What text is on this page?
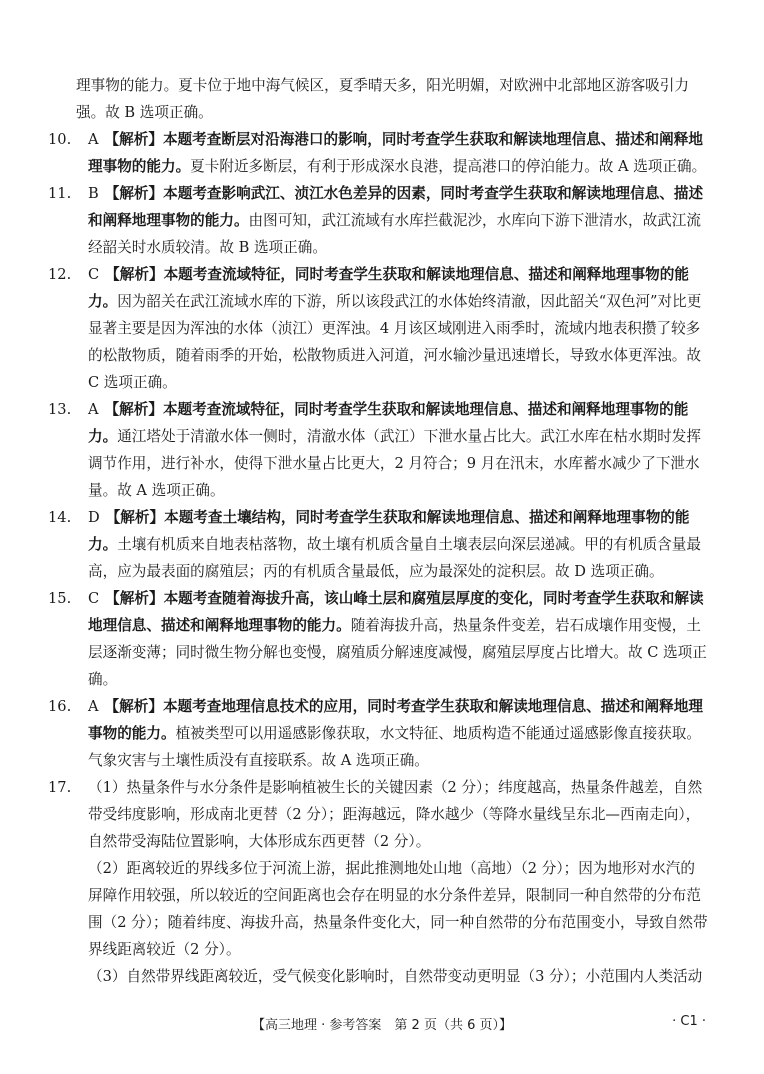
理事物的能力。夏卡位于地中海气候区，夏季晴天多，阳光明媚，对欧洲中北部地区游客吸引力强。故 B 选项正确。

10.	A 【解析】本题考查断层对沿海港口的影响，同时考查学生获取和解读地理信息、描述和阐释地理事物的能力。夏卡附近多断层，有利于形成深水良港，提高港口的停泊能力。故 A 选项正确。
11.	B 【解析】本题考查影响武江、浈江水色差异的因素，同时考查学生获取和解读地理信息、描述和阐释地理事物的能力。由图可知，武江流域有水库拦截泥沙，水库向下游下泄清水，故武江流经韶关时水质较清。故 B 选项正确。
12.	C 【解析】本题考查流域特征，同时考查学生获取和解读地理信息、描述和阐释地理事物的能力。因为韶关在武江流域水库的下游，所以该段武江的水体始终清澈，因此韶关“双色河”对比更显著主要是因为浑浊的水体（浈江）更浑浊。4 月该区域刚进入雨季时，流域内地表积攒了较多的松散物质，随着雨季的开始，松散物质进入河道，河水输沙量迅速增长，导致水体更浑浊。故 C 选项正确。
13.	A 【解析】本题考查流域特征，同时考查学生获取和解读地理信息、描述和阐释地理事物的能力。通江塔处于清澈水体一侧时，清澈水体（武江）下泄水量占比大。武江水库在枯水期时发挥调节作用，进行补水，使得下泄水量占比更大，2 月符合；9 月在汛末，水库蓄水减少了下泄水量。故 A 选项正确。
14.	D 【解析】本题考查土壤结构，同时考查学生获取和解读地理信息、描述和阐释地理事物的能力。土壤有机质来自地表枯落物，故土壤有机质含量自土壤表层向深层递减。甲的有机质含量最高，应为最表面的腐殖层；丙的有机质含量最低，应为最深处的淀积层。故 D 选项正确。
15.	C 【解析】本题考查随着海拔升高，该山峰土层和腐殖层厚度的变化，同时考查学生获取和解读地理信息、描述和阐释地理事物的能力。随着海拔升高，热量条件变差，岩石成壤作用变慢，土层逐渐变薄；同时微生物分解也变慢，腐殖质分解速度减慢，腐殖层厚度占比增大。故 C 选项正确。
16.	A 【解析】本题考查地理信息技术的应用，同时考查学生获取和解读地理信息、描述和阐释地理事物的能力。植被类型可以用遥感影像获取，水文特征、地质构造不能通过遥感影像直接获取。气象灾害与土壤性质没有直接联系。故 A 选项正确。
17.	（1）热量条件与水分条件是影响植被生长的关键因素（2 分）；纬度越高，热量条件越差，自然带受纬度影响，形成南北更替（2 分）；距海越远，降水越少（等降水量线呈东北—西南走向），自然带受海陆位置影响，大体形成东西更替（2 分）。

（2）距离较近的界线多位于河流上游，据此推测地处山地（高地）（2 分）；因为地形对水汽的屏障作用较强，所以较近的空间距离也会存在明显的水分条件差异，限制同一种自然带的分布范围（2 分）；随着纬度、海拔升高，热量条件变化大，同一种自然带的分布范围变小，导致自然带界线距离较近（2 分）。

（3）自然带界线距离较近，受气候变化影响时，自然带变动更明显（3 分）；小范围内人类活动

【高三地理 · 参考答案　第 2 页（共 6 页）】	· C1 ·
